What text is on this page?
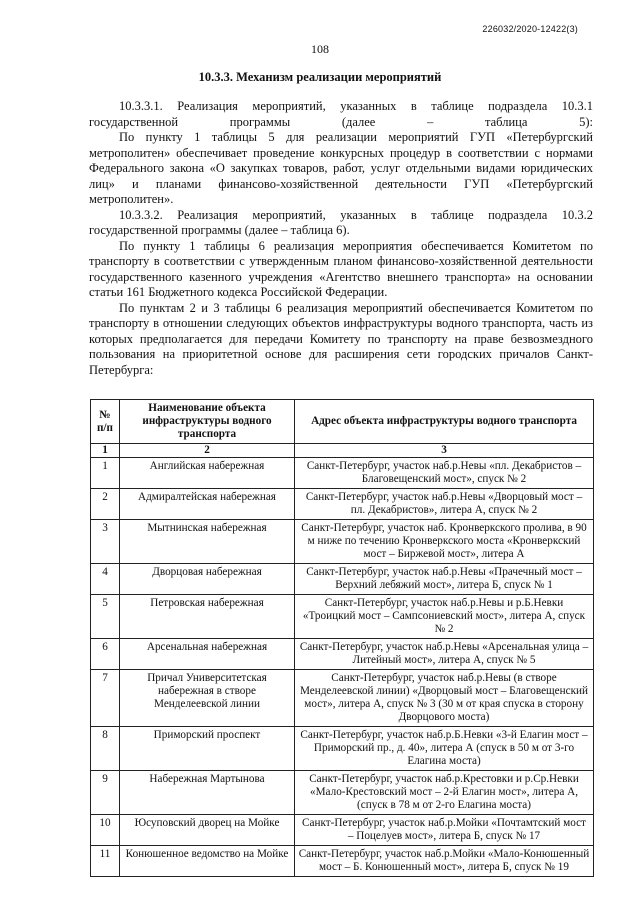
226032/2020-12422(3)
108
10.3.3. Механизм реализации мероприятий

10.3.3.1. Реализация мероприятий, указанных в таблице подраздела 10.3.1 государственной программы (далее – таблица 5):

По пункту 1 таблицы 5 для реализации мероприятий ГУП «Петербургский метрополитен» обеспечивает проведение конкурсных процедур в соответствии с нормами Федерального закона «О закупках товаров, работ, услуг отдельными видами юридических лиц» и планами финансово-хозяйственной деятельности ГУП «Петербургский метрополитен».

10.3.3.2. Реализация мероприятий, указанных в таблице подраздела 10.3.2 государственной программы (далее – таблица 6).

По пункту 1 таблицы 6 реализация мероприятия обеспечивается Комитетом по транспорту в соответствии с утвержденным планом финансово-хозяйственной деятельности государственного казенного учреждения «Агентство внешнего транспорта» на основании статьи 161 Бюджетного кодекса Российской Федерации.

По пунктам 2 и 3 таблицы 6 реализация мероприятий обеспечивается Комитетом по транспорту в отношении следующих объектов инфраструктуры водного транспорта, часть из которых предполагается для передачи Комитету по транспорту на праве безвозмездного пользования на приоритетной основе для расширения сети городских причалов Санкт-Петербурга:

№ п/п	Наименование объекта инфраструктуры водного транспорта	Адрес объекта инфраструктуры водного транспорта
1	2	3
1	Английская набережная	Санкт-Петербург, участок наб.р.Невы «пл. Декабристов – Благовещенский мост», спуск № 2
2	Адмиралтейская набережная	Санкт-Петербург, участок наб.р.Невы «Дворцовый мост – пл. Декабристов», литера А, спуск № 2
3	Мытнинская набережная	Санкт-Петербург, участок наб. Кронверкского пролива, в 90 м ниже по течению Кронверкского моста «Кронверкский мост – Биржевой мост», литера А
4	Дворцовая набережная	Санкт-Петербург, участок наб.р.Невы «Прачечный мост – Верхний лебяжий мост», литера Б, спуск № 1
5	Петровская набережная	Санкт-Петербург, участок наб.р.Невы и р.Б.Невки «Троицкий мост – Сампсониевский мост», литера А, спуск № 2
6	Арсенальная набережная	Санкт-Петербург, участок наб.р.Невы «Арсенальная улица – Литейный мост», литера А, спуск № 5
7	Причал Университетская набережная в створе Менделеевской линии	Санкт-Петербург, участок наб.р.Невы (в створе Менделеевской линии) «Дворцовый мост – Благовещенский мост», литера А, спуск № 3 (30 м от края спуска в сторону Дворцового моста)
8	Приморский проспект	Санкт-Петербург, участок наб.р.Б.Невки «3-й Елагин мост – Приморский пр., д. 40», литера А (спуск в 50 м от 3-го Елагина моста)
9	Набережная Мартынова	Санкт-Петербург, участок наб.р.Крестовки и р.Ср.Невки «Мало-Крестовский мост – 2-й Елагин мост», литера А, (спуск в 78 м от 2-го Елагина моста)
10	Юсуповский дворец на Мойке	Санкт-Петербург, участок наб.р.Мойки «Почтамтский мост – Поцелуев мост», литера Б, спуск № 17
11	Конюшенное ведомство на Мойке	Санкт-Петербург, участок наб.р.Мойки «Мало-Конюшенный мост – Б. Конюшенный мост», литера Б, спуск № 19
